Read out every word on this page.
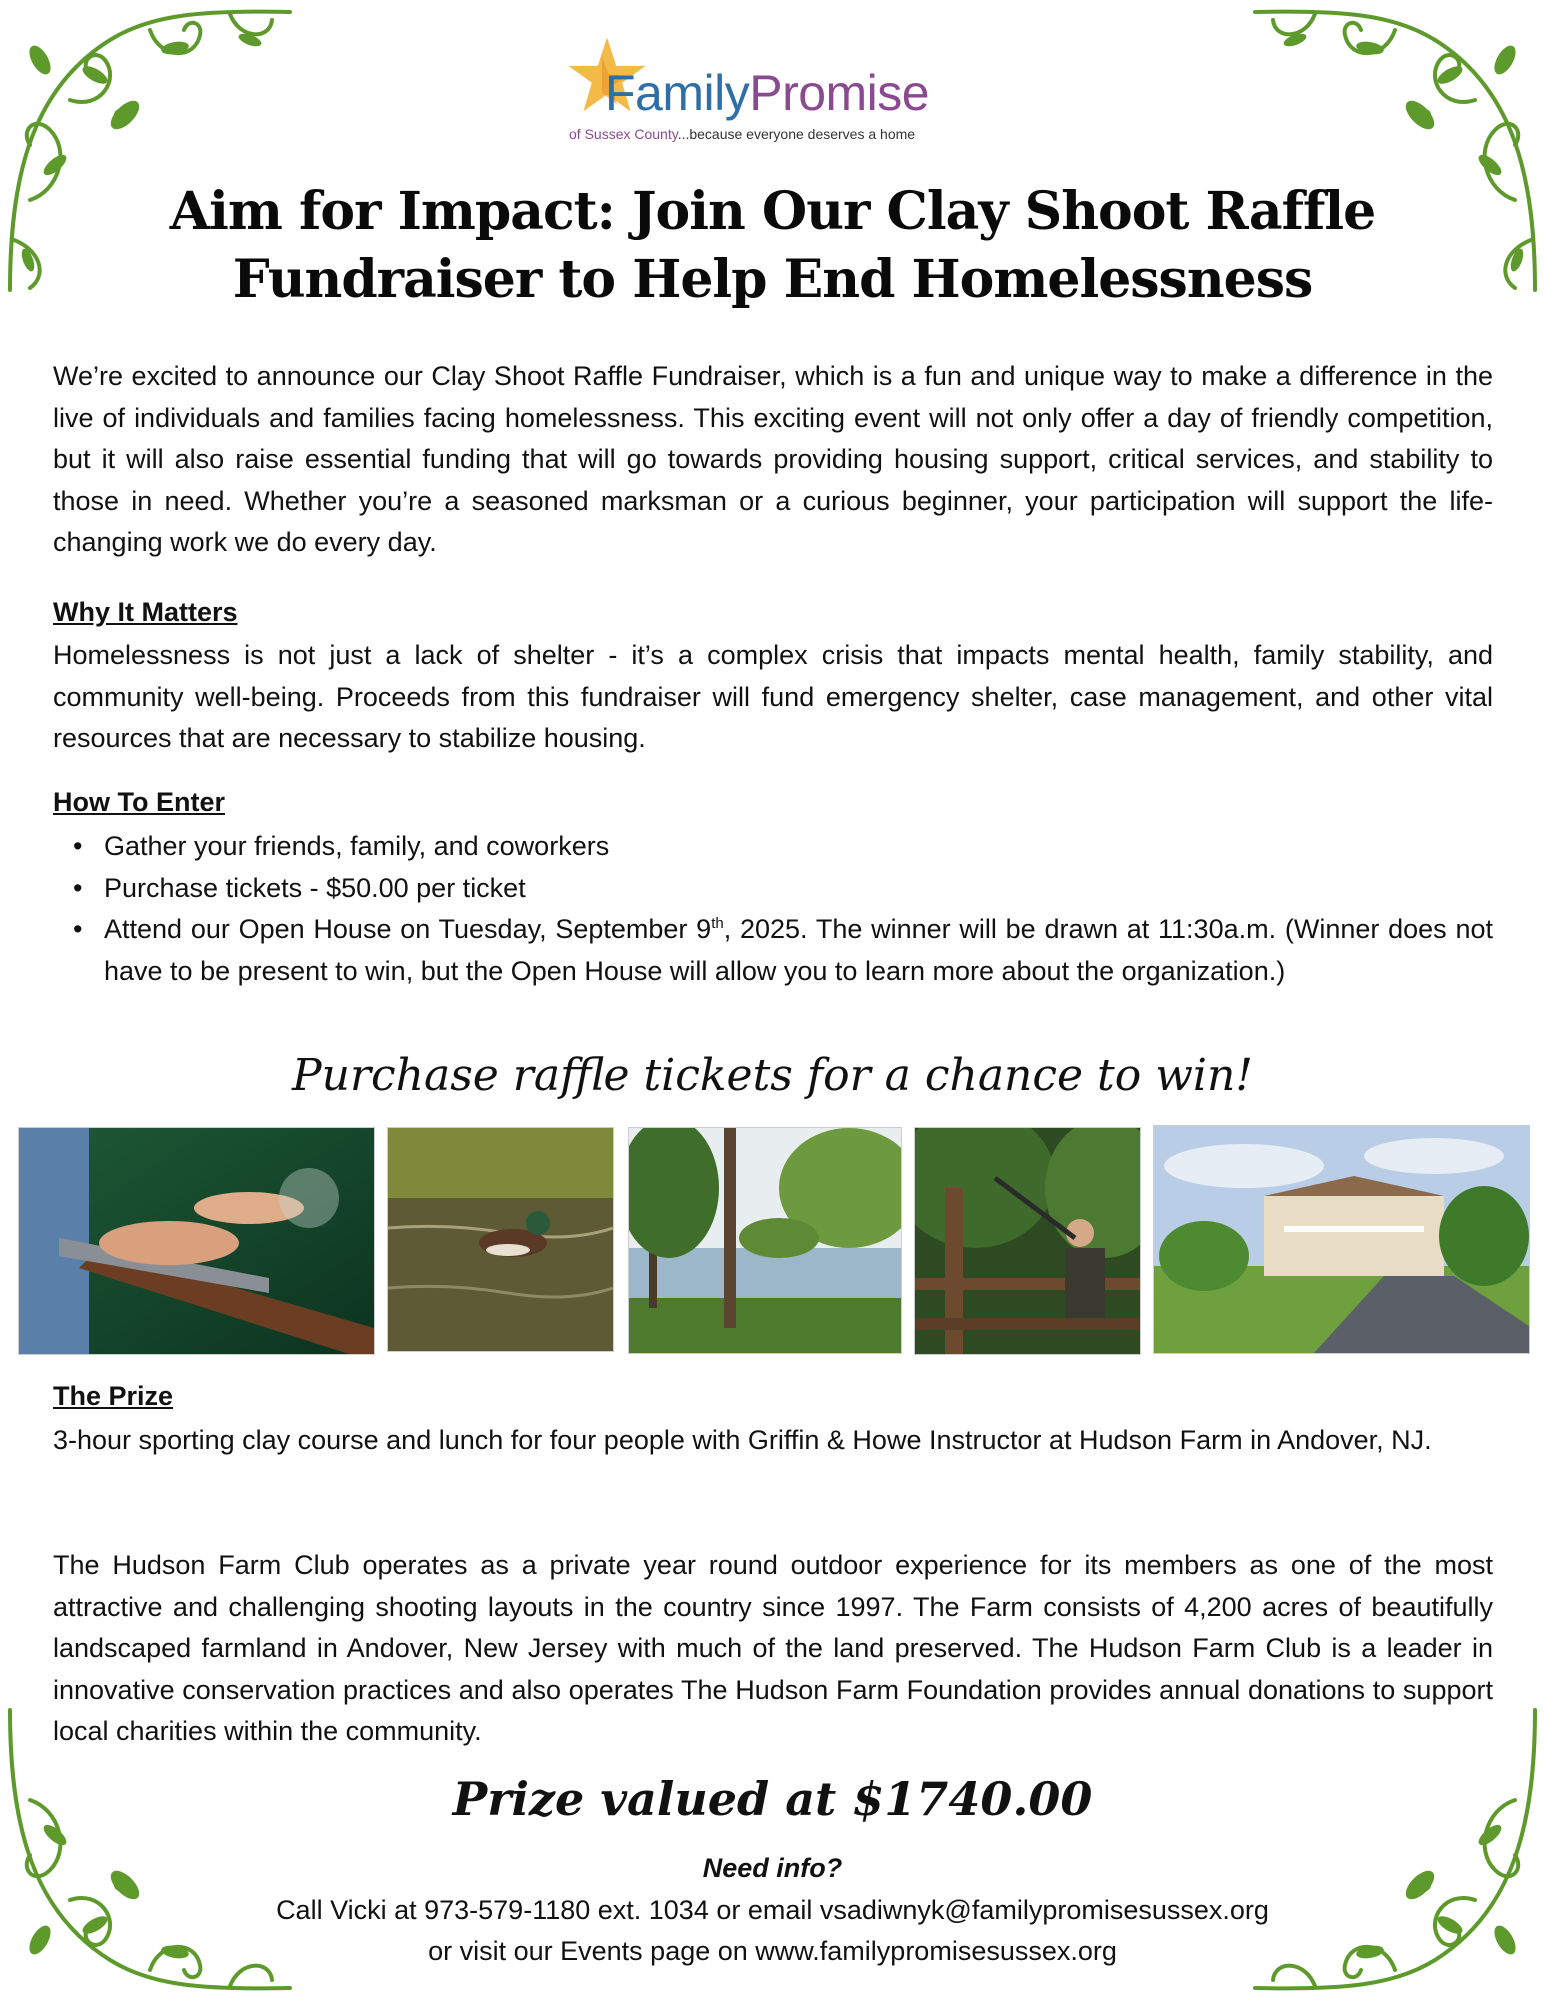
FamilyPromise
of Sussex County...because everyone deserves a home
Aim for Impact: Join Our Clay Shoot Raffle Fundraiser to Help End Homelessness

We’re excited to announce our Clay Shoot Raffle Fundraiser, which is a fun and unique way to make a difference in the live of individuals and families facing homelessness. This exciting event will not only offer a day of friendly competition, but it will also raise essential funding that will go towards providing housing support, critical services, and stability to those in need. Whether you’re a seasoned marksman or a curious beginner, your participation will support the life-changing work we do every day.

Why It Matters

Homelessness is not just a lack of shelter - it’s a complex crisis that impacts mental health, family stability, and community well-being. Proceeds from this fundraiser will fund emergency shelter, case management, and other vital resources that are necessary to stabilize housing.

How To Enter

• Gather your friends, family, and coworkers
• Purchase tickets - $50.00 per ticket
• Attend our Open House on Tuesday, September 9th, 2025. The winner will be drawn at 11:30a.m. (Winner does not have to be present to win, but the Open House will allow you to learn more about the organization.)

Purchase raffle tickets for a chance to win!

The Prize

3-hour sporting clay course and lunch for four people with Griffin & Howe Instructor at Hudson Farm in Andover, NJ.

The Hudson Farm Club operates as a private year round outdoor experience for its members as one of the most attractive and challenging shooting layouts in the country since 1997. The Farm consists of 4,200 acres of beautifully landscaped farmland in Andover, New Jersey with much of the land preserved. The Hudson Farm Club is a leader in innovative conservation practices and also operates The Hudson Farm Foundation provides annual donations to support local charities within the community.

Prize valued at $1740.00

Need info?

Call Vicki at 973-579-1180 ext. 1034 or email vsadiwnyk@familypromisesussex.org

or visit our Events page on www.familypromisesussex.org
